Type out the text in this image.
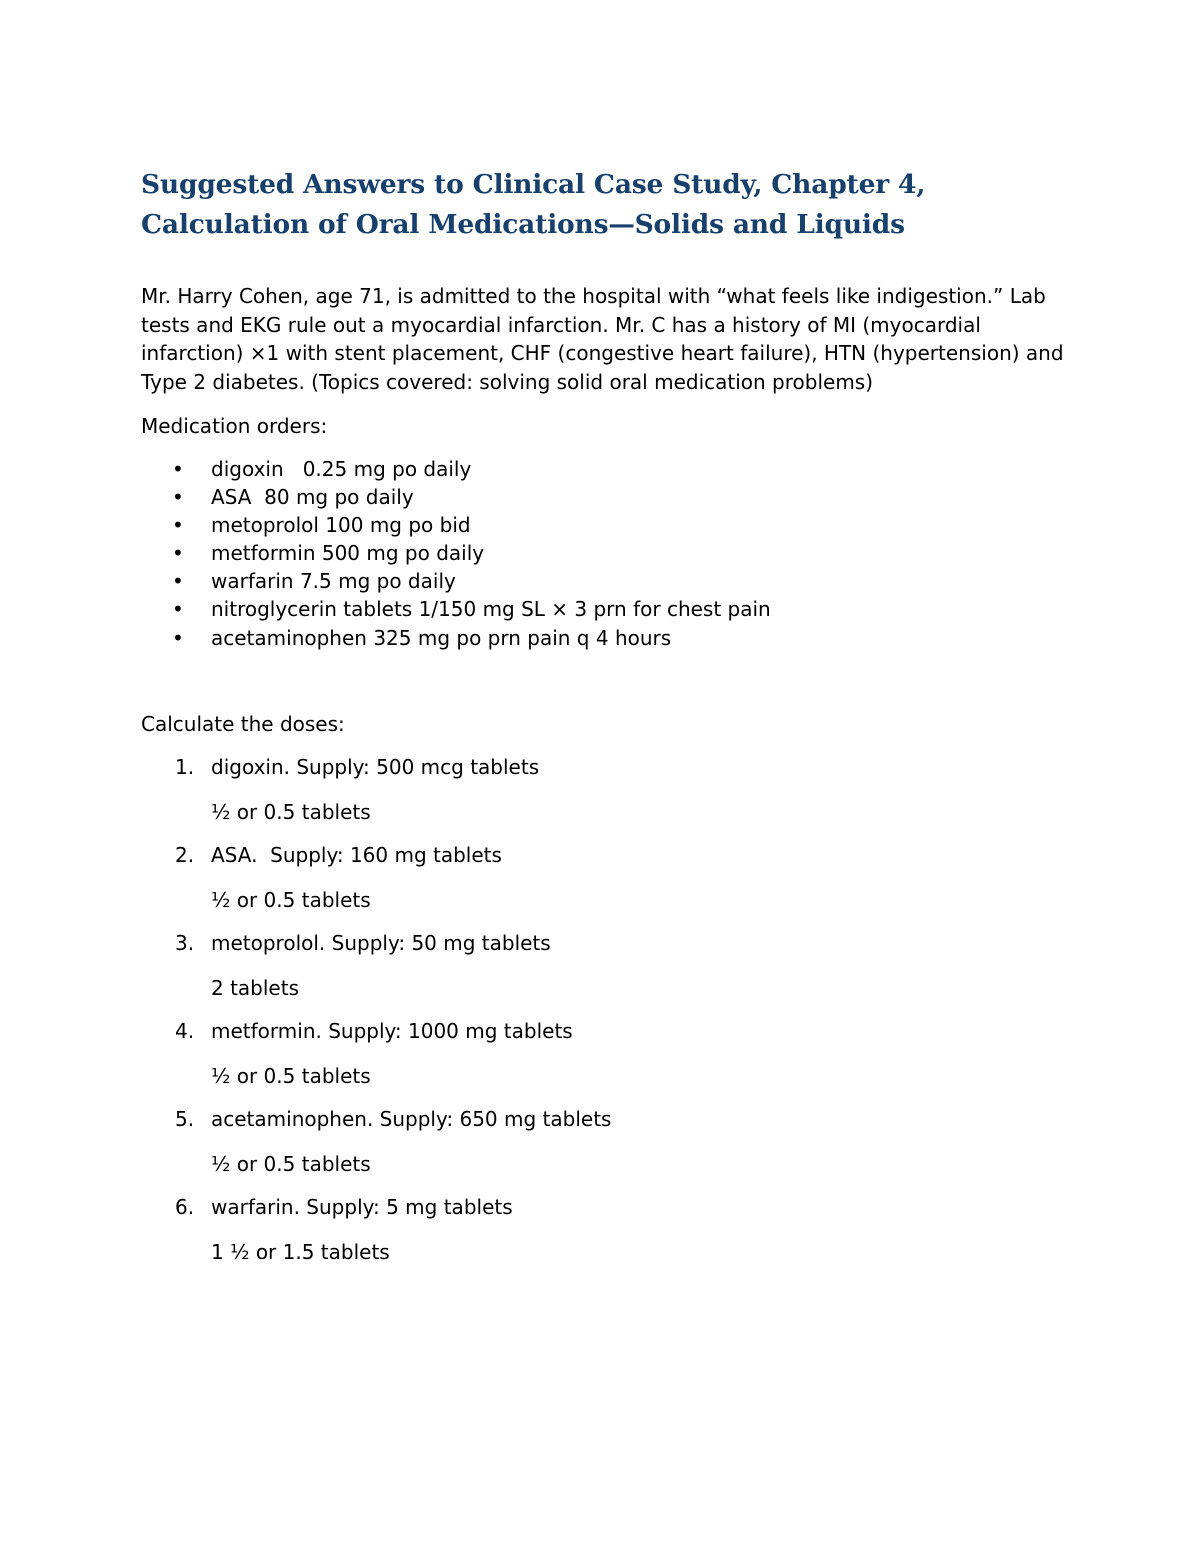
Suggested Answers to Clinical Case Study, Chapter 4, Calculation of Oral Medications—Solids and Liquids

Mr. Harry Cohen, age 71, is admitted to the hospital with “what feels like indigestion.” Lab tests and EKG rule out a myocardial infarction. Mr. C has a history of MI (myocardial infarction) ×1 with stent placement, CHF (congestive heart failure), HTN (hypertension) and Type 2 diabetes. (Topics covered: solving solid oral medication problems)

Medication orders:

• digoxin   0.25 mg po daily
• ASA  80 mg po daily
• metoprolol 100 mg po bid
• metformin 500 mg po daily
• warfarin 7.5 mg po daily
• nitroglycerin tablets 1/150 mg SL × 3 prn for chest pain
• acetaminophen 325 mg po prn pain q 4 hours

Calculate the doses:

1. digoxin. Supply: 500 mcg tablets
½ or 0.5 tablets
2. ASA.  Supply: 160 mg tablets
½ or 0.5 tablets
3. metoprolol. Supply: 50 mg tablets
2 tablets
4. metformin. Supply: 1000 mg tablets
½ or 0.5 tablets
5. acetaminophen. Supply: 650 mg tablets
½ or 0.5 tablets
6. warfarin. Supply: 5 mg tablets
1 ½ or 1.5 tablets
